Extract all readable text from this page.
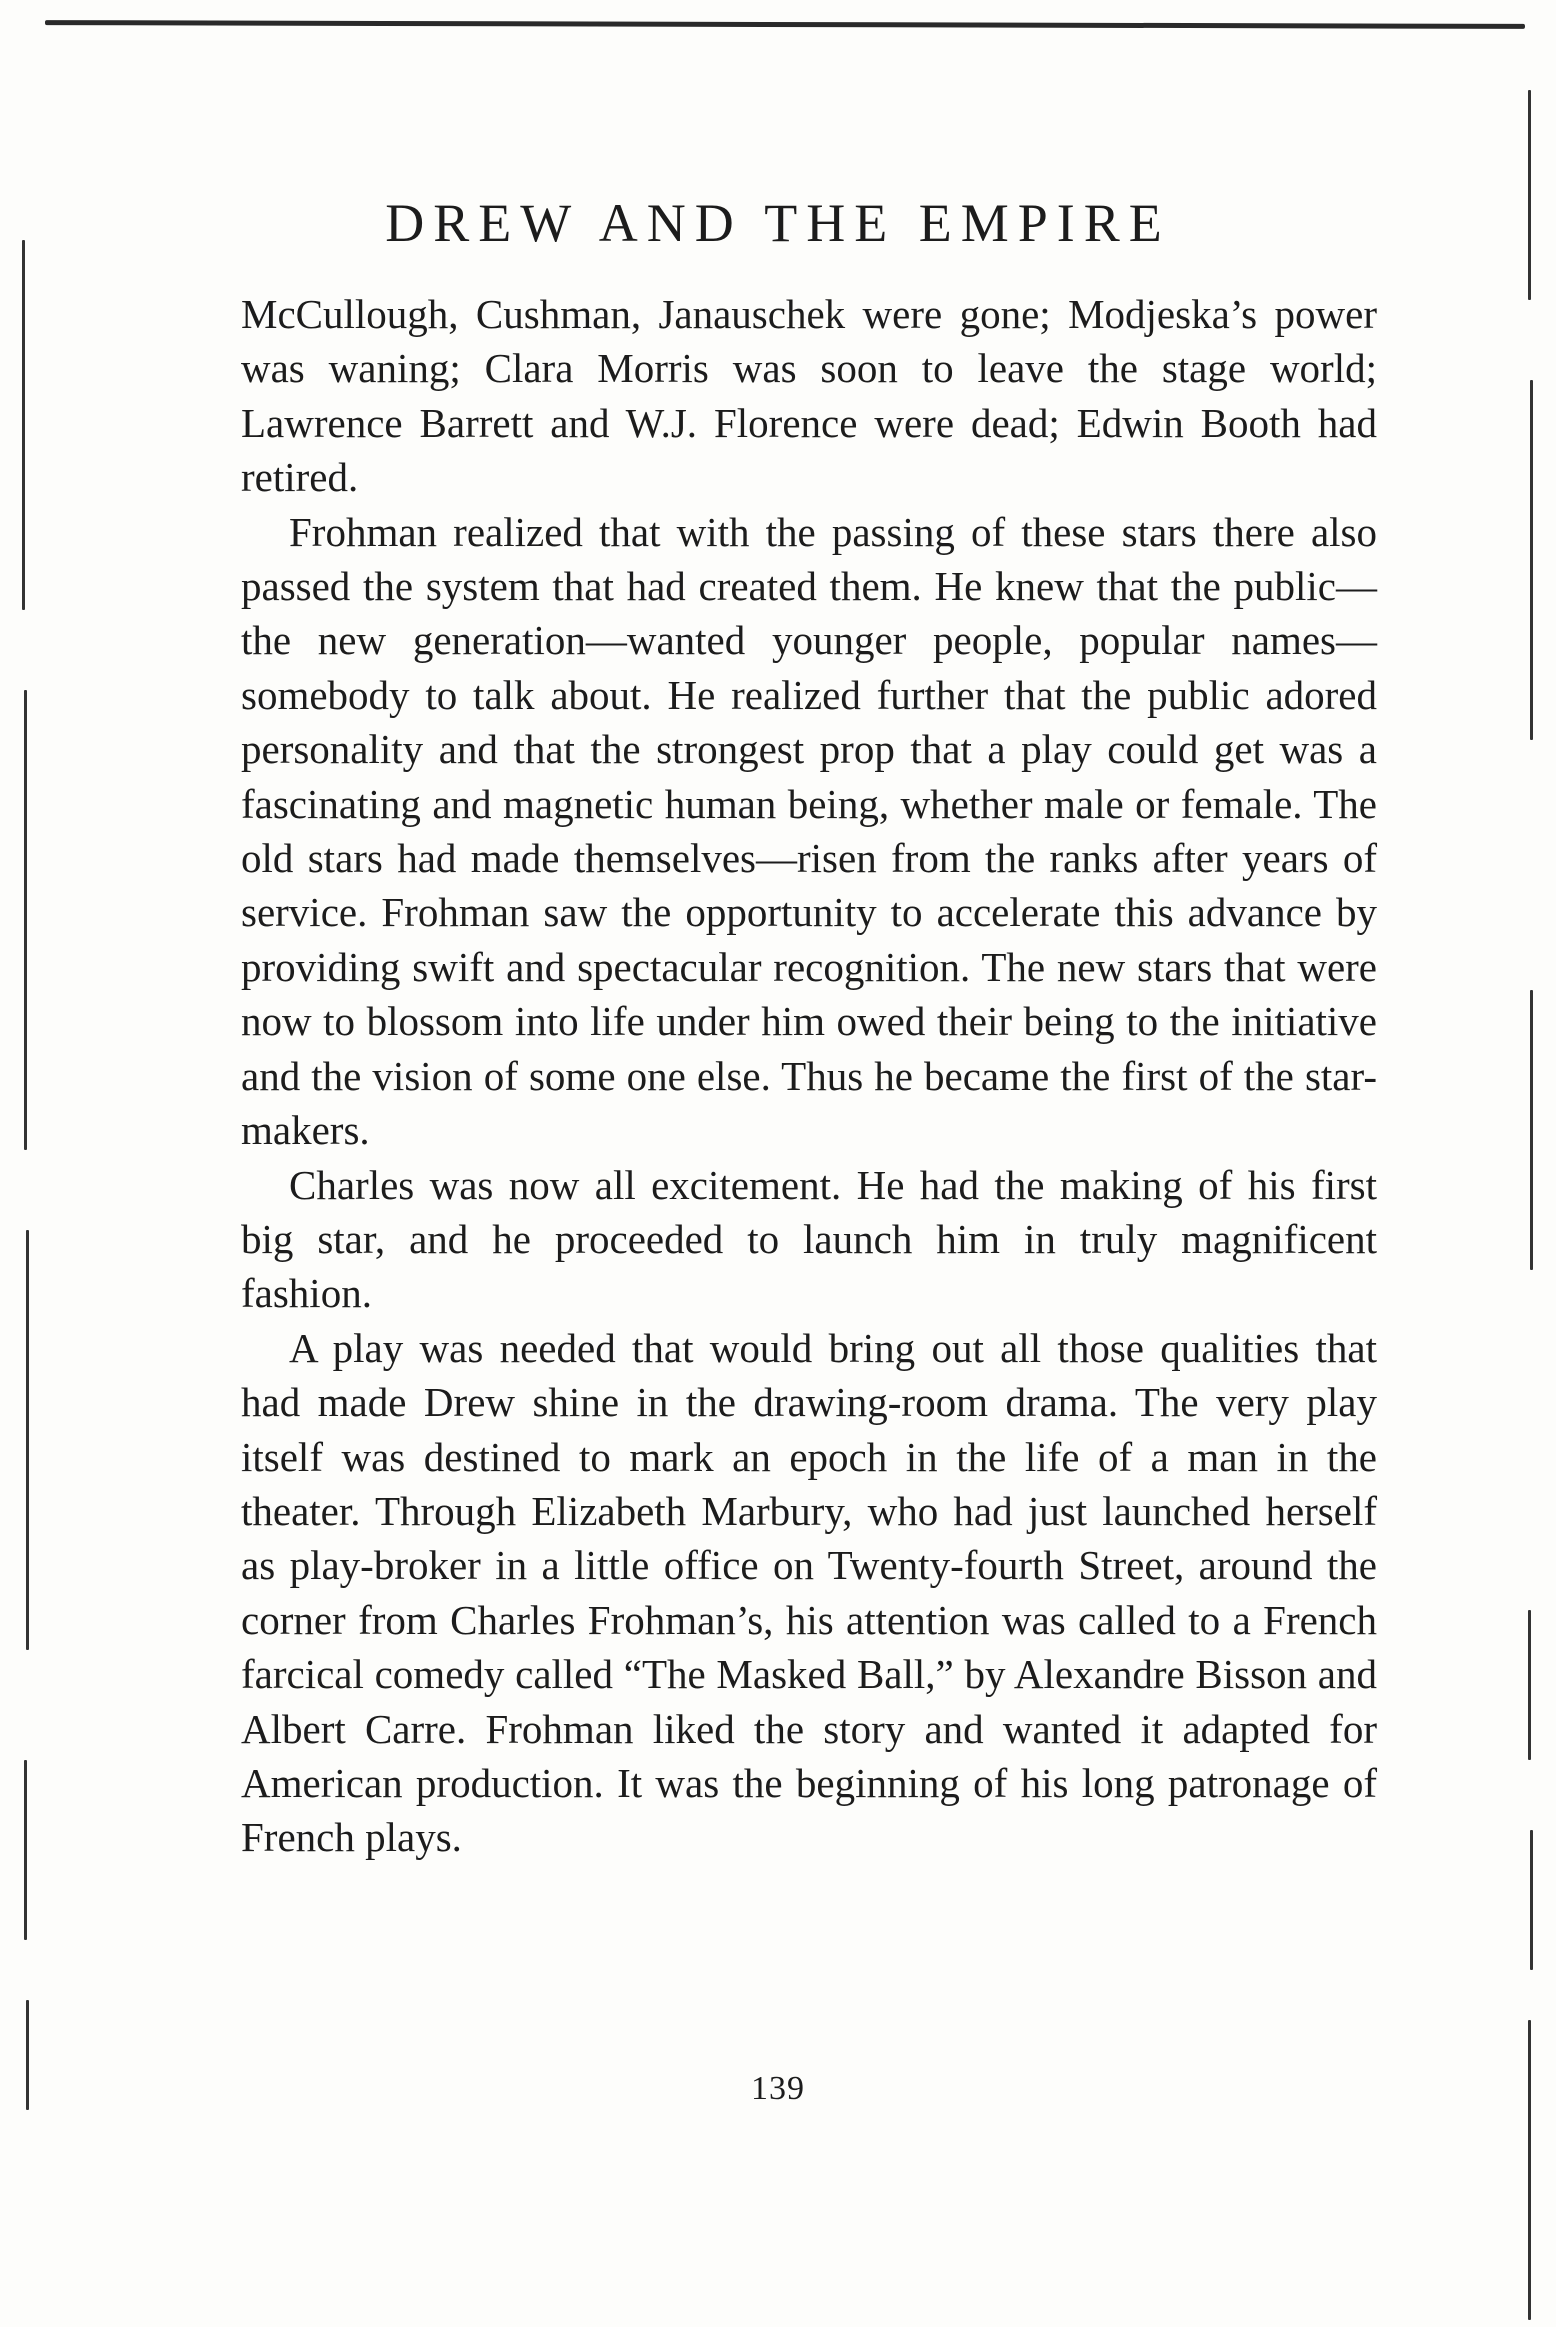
DREW AND THE EMPIRE

McCullough, Cushman, Janauschek were gone; Modjeska’s power was waning; Clara Morris was soon to leave the stage world; Lawrence Barrett and W.J. Florence were dead; Edwin Booth had retired.

Frohman realized that with the passing of these stars there also passed the system that had created them. He knew that the public—the new generation—wanted younger people, popular names—somebody to talk about. He realized further that the public adored personality and that the strongest prop that a play could get was a fascinating and magnetic human being, whether male or female. The old stars had made themselves—risen from the ranks after years of service. Frohman saw the opportunity to accelerate this advance by providing swift and spectacular recognition. The new stars that were now to blossom into life under him owed their being to the initiative and the vision of some one else. Thus he became the first of the star-makers.

Charles was now all excitement. He had the making of his first big star, and he proceeded to launch him in truly magnificent fashion.

A play was needed that would bring out all those qualities that had made Drew shine in the drawing-room drama. The very play itself was destined to mark an epoch in the life of a man in the theater. Through Elizabeth Marbury, who had just launched herself as play-broker in a little office on Twenty-fourth Street, around the corner from Charles Frohman’s, his attention was called to a French farcical comedy called “The Masked Ball,” by Alexandre Bisson and Albert Carre. Frohman liked the story and wanted it adapted for American production. It was the beginning of his long patronage of French plays.

139
